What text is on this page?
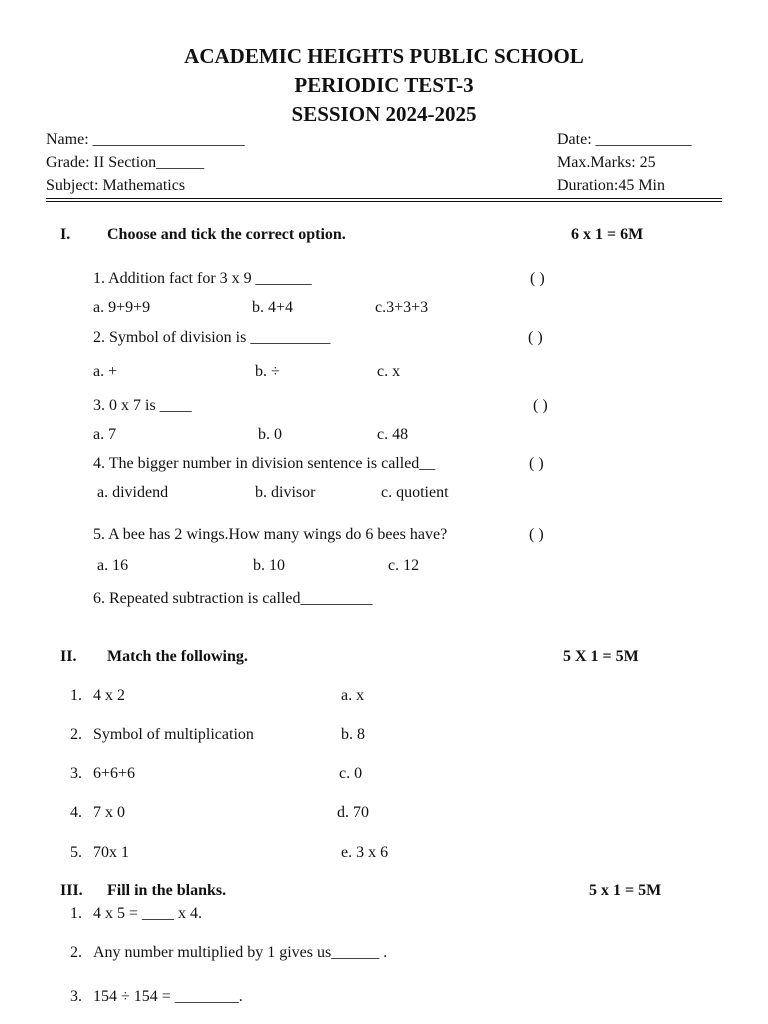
ACADEMIC HEIGHTS PUBLIC SCHOOL
PERIODIC TEST-3
SESSION 2024-2025
Name: ___________________	Date: ____________
Grade: II Section______	Max.Marks: 25
Subject: Mathematics	Duration:45 Min
I. Choose and tick the correct option.	6 x 1 = 6M
1. Addition fact for 3 x 9 _______	( )
a. 9+9+9	b. 4+4	c.3+3+3
2. Symbol of division is __________	( )
a. +	b. ÷	c. x
3. 0 x 7 is ____	( )
a. 7	b. 0	c. 48
4. The bigger number in division sentence is called__	( )
a. dividend	b. divisor	c. quotient
5. A bee has 2 wings.How many wings do 6 bees have?	( )
a. 16	b. 10	c. 12
6. Repeated subtraction is called_________
II. Match the following.	5 X 1 = 5M
1. 4 x 2	a. x
2. Symbol of multiplication	b. 8
3. 6+6+6	c. 0
4. 7 x 0	d. 70
5. 70x 1	e. 3 x 6
III. Fill in the blanks.	5 x 1 = 5M
1. 4 x 5 = ____ x 4.
2. Any number multiplied by 1 gives us______ .
3. 154 ÷ 154 = ________.
